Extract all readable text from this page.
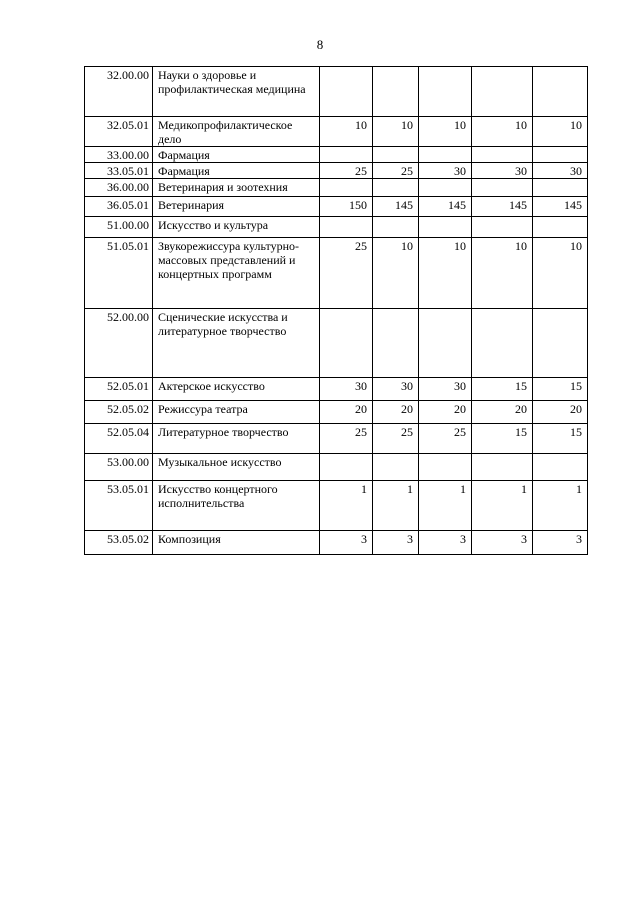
8
32.00.00	Науки о здоровье и профилактическая медицина					
32.05.01	Медикопрофилактическое дело	10	10	10	10	10
33.00.00	Фармация					
33.05.01	Фармация	25	25	30	30	30
36.00.00	Ветеринария и зоотехния					
36.05.01	Ветеринария	150	145	145	145	145
51.00.00	Искусство и культура					
51.05.01	Звукорежиссура культурно-массовых представлений и концертных программ	25	10	10	10	10
52.00.00	Сценические искусства и литературное творчество					
52.05.01	Актерское искусство	30	30	30	15	15
52.05.02	Режиссура театра	20	20	20	20	20
52.05.04	Литературное творчество	25	25	25	15	15
53.00.00	Музыкальное искусство					
53.05.01	Искусство концертного исполнительства	1	1	1	1	1
53.05.02	Композиция	3	3	3	3	3
